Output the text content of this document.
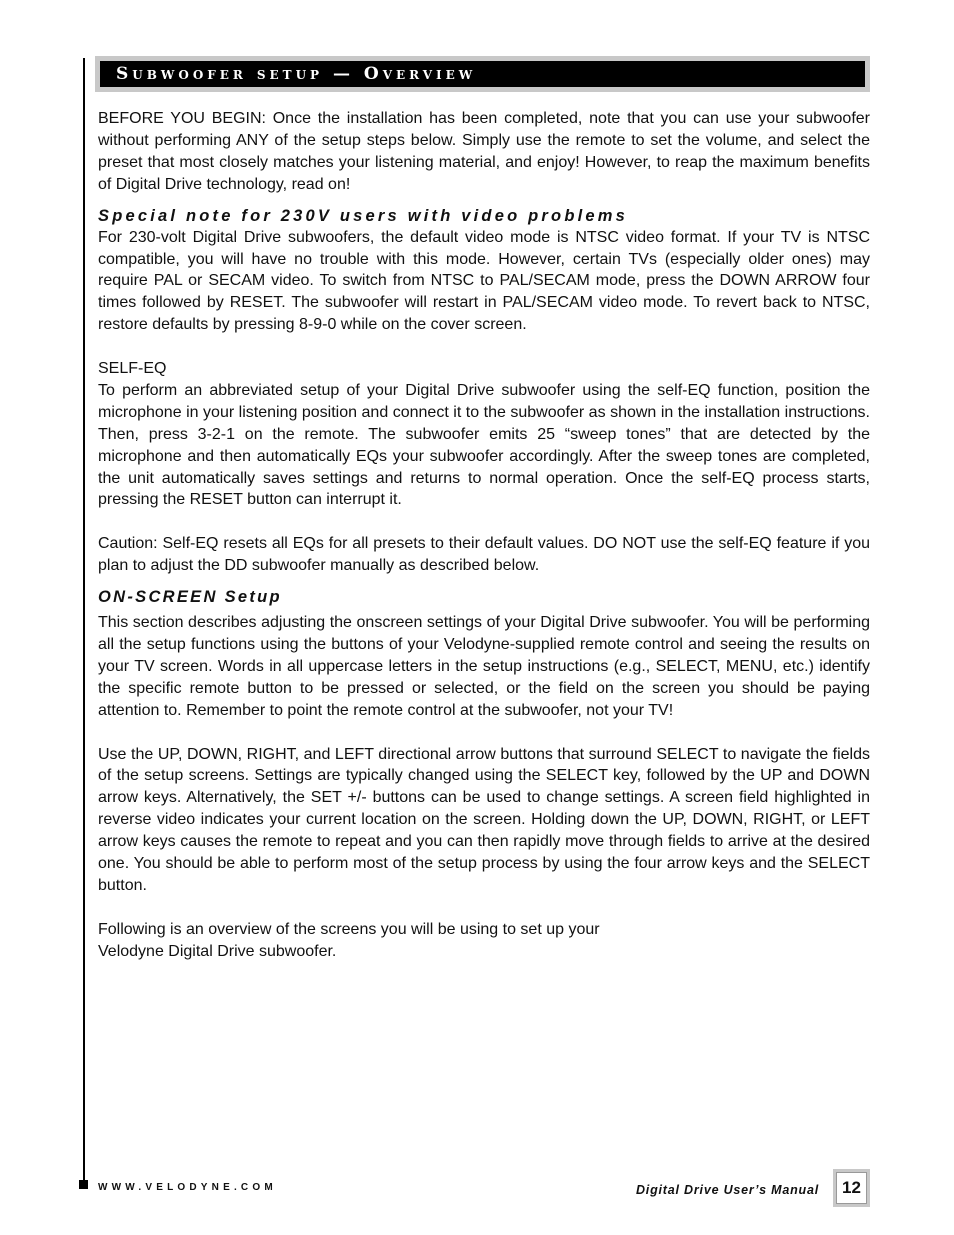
Subwoofer setup — Overview

BEFORE YOU BEGIN: Once the installation has been completed, note that you can use your subwoofer without performing ANY of the setup steps below. Simply use the remote to set the volume, and select the preset that most closely matches your listening material, and enjoy! However, to reap the maximum benefits of Digital Drive technology, read on!

Special note for 230V users with video problems

For 230-volt Digital Drive subwoofers, the default video mode is NTSC video format. If your TV is NTSC compatible, you will have no trouble with this mode. However, certain TVs (especially older ones) may require PAL or SECAM video. To switch from NTSC to PAL/SECAM mode, press the DOWN ARROW four times followed by RESET. The subwoofer will restart in PAL/SECAM video mode. To revert back to NTSC, restore defaults by pressing 8-9-0 while on the cover screen.

SELF-EQ

To perform an abbreviated setup of your Digital Drive subwoofer using the self-EQ function, position the microphone in your listening position and connect it to the subwoofer as shown in the installation instructions. Then, press 3-2-1 on the remote. The subwoofer emits 25 “sweep tones” that are detected by the microphone and then automatically EQs your subwoofer accordingly. After the sweep tones are completed, the unit automatically saves settings and returns to normal operation. Once the self-EQ process starts, pressing the RESET button can interrupt it.

Caution: Self-EQ resets all EQs for all presets to their default values. DO NOT use the self-EQ feature if you plan to adjust the DD subwoofer manually as described below.

ON-SCREEN Setup

This section describes adjusting the onscreen settings of your Digital Drive subwoofer. You will be performing all the setup functions using the buttons of your Velodyne-supplied remote control and seeing the results on your TV screen. Words in all uppercase letters in the setup instructions (e.g., SELECT, MENU, etc.) identify the specific remote button to be pressed or selected, or the field on the screen you should be paying attention to. Remember to point the remote control at the subwoofer, not your TV!

Use the UP, DOWN, RIGHT, and LEFT directional arrow buttons that surround SELECT to navigate the fields of the setup screens. Settings are typically changed using the SELECT key, followed by the UP and DOWN arrow keys. Alternatively, the SET +/- buttons can be used to change settings. A screen field highlighted in reverse video indicates your current location on the screen. Holding down the UP, DOWN, RIGHT, or LEFT arrow keys causes the remote to repeat and you can then rapidly move through fields to arrive at the desired one. You should be able to perform most of the setup process by using the four arrow keys and the SELECT button.

Following is an overview of the screens you will be using to set up your

Velodyne Digital Drive subwoofer.

WWW.VELODYNE.COM	Digital Drive User’s Manual	12
